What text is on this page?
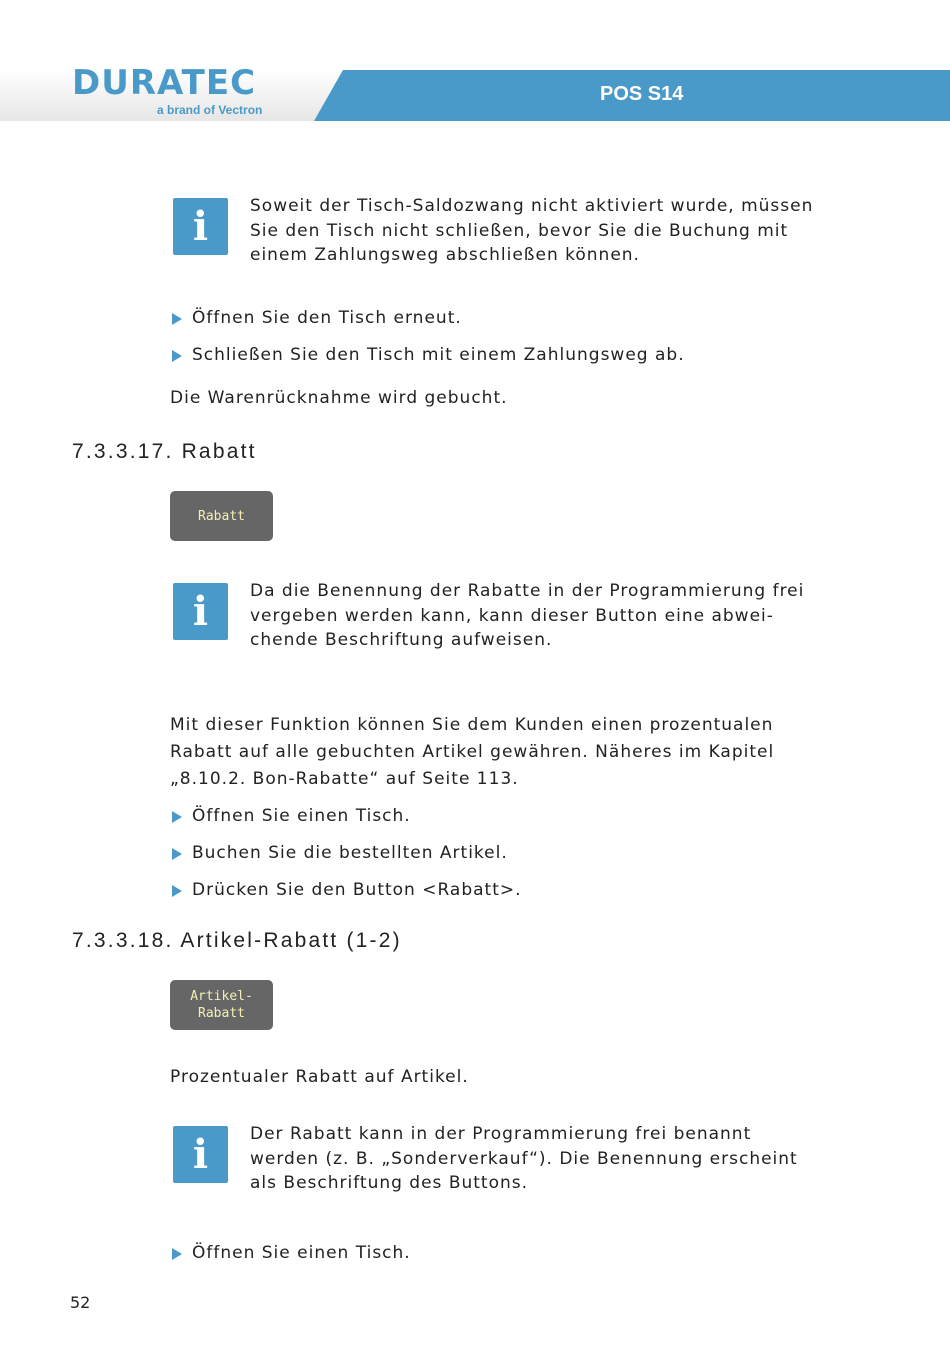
DURATEC
a brand of Vectron
POS S14
i	Soweit der Tisch-Saldozwang nicht aktiviert wurde, müssen
Sie den Tisch nicht schließen, bevor Sie die Buchung mit
einem Zahlungsweg abschließen können.
Öffnen Sie den Tisch erneut.
Schließen Sie den Tisch mit einem Zahlungsweg ab.
Die Warenrücknahme wird gebucht.
7.3.3.17. Rabatt
Rabatt
i	Da die Benennung der Rabatte in der Programmierung frei
vergeben werden kann, kann dieser Button eine abwei-
chende Beschriftung aufweisen.
Mit dieser Funktion können Sie dem Kunden einen prozentualen
Rabatt auf alle gebuchten Artikel gewähren. Näheres im Kapitel
„8.10.2. Bon-Rabatte“ auf Seite 113.
Öffnen Sie einen Tisch.
Buchen Sie die bestellten Artikel.
Drücken Sie den Button <Rabatt>.
7.3.3.18. Artikel-Rabatt (1-2)
Artikel-
Rabatt
Prozentualer Rabatt auf Artikel.
i	Der Rabatt kann in der Programmierung frei benannt
werden (z. B. „Sonderverkauf“). Die Benennung erscheint
als Beschriftung des Buttons.
Öffnen Sie einen Tisch.
52
